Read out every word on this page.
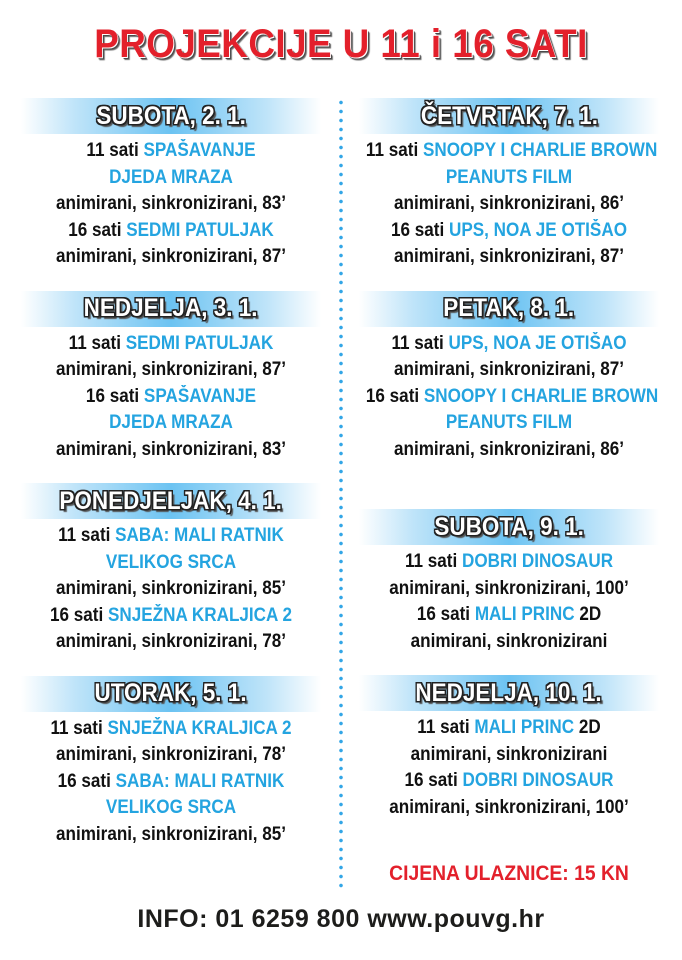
PROJEKCIJE U 11 i 16 SATI
SUBOTA, 2. 1.
11 sati SPAŠAVANJE
DJEDA MRAZA
animirani, sinkronizirani, 83’
16 sati SEDMI PATULJAK
animirani, sinkronizirani, 87’
NEDJELJA, 3. 1.
11 sati SEDMI PATULJAK
animirani, sinkronizirani, 87’
16 sati SPAŠAVANJE
DJEDA MRAZA
animirani, sinkronizirani, 83’
PONEDJELJAK, 4. 1.
11 sati SABA: MALI RATNIK
VELIKOG SRCA
animirani, sinkronizirani, 85’
16 sati SNJEŽNA KRALJICA 2
animirani, sinkronizirani, 78’
UTORAK, 5. 1.
11 sati SNJEŽNA KRALJICA 2
animirani, sinkronizirani, 78’
16 sati SABA: MALI RATNIK
VELIKOG SRCA
animirani, sinkronizirani, 85’
ČETVRTAK, 7. 1.
11 sati SNOOPY I CHARLIE BROWN
PEANUTS FILM
animirani, sinkronizirani, 86’
16 sati UPS, NOA JE OTIŠAO
animirani, sinkronizirani, 87’
PETAK, 8. 1.
11 sati UPS, NOA JE OTIŠAO
animirani, sinkronizirani, 87’
16 sati SNOOPY I CHARLIE BROWN
PEANUTS FILM
animirani, sinkronizirani, 86’
SUBOTA, 9. 1.
11 sati DOBRI DINOSAUR
animirani, sinkronizirani, 100’
16 sati MALI PRINC 2D
animirani, sinkronizirani
NEDJELJA, 10. 1.
11 sati MALI PRINC 2D
animirani, sinkronizirani
16 sati DOBRI DINOSAUR
animirani, sinkronizirani, 100’
CIJENA ULAZNICE: 15 KN
INFO: 01 6259 800 www.pouvg.hr
